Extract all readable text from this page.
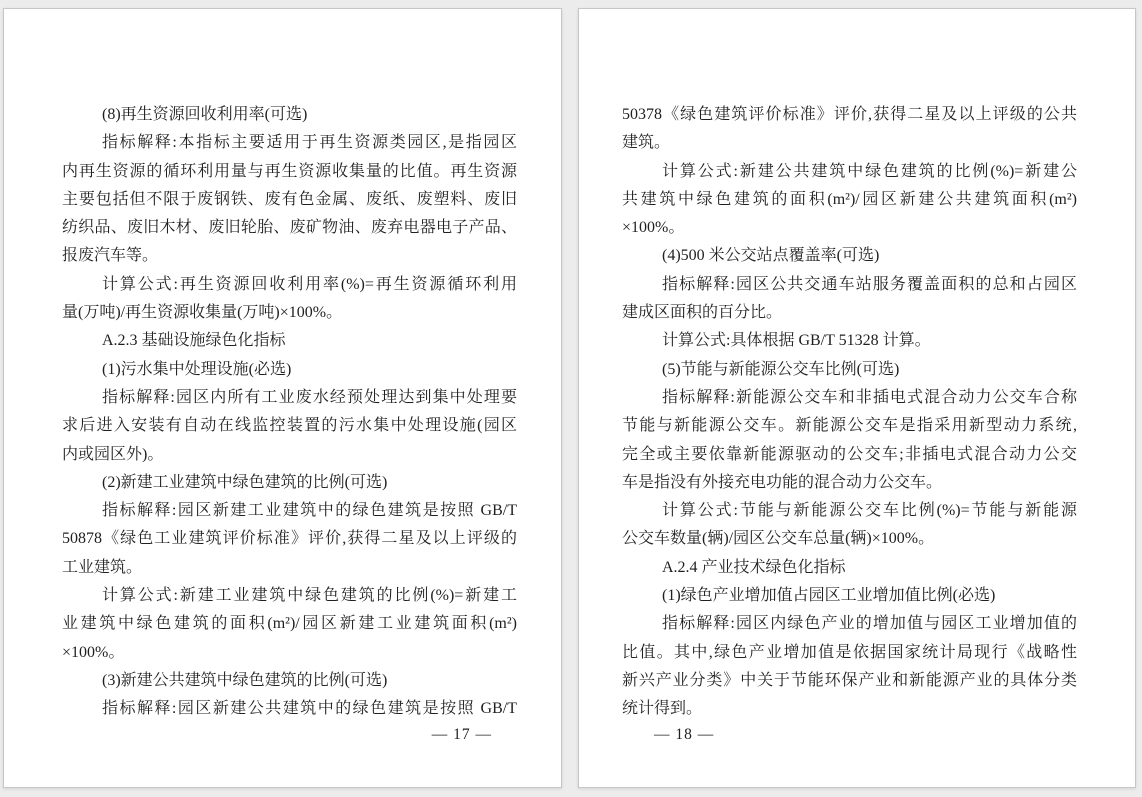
(8)再生资源回收利用率(可选)
指标解释:本指标主要适用于再生资源类园区,是指园区
内再生资源的循环利用量与再生资源收集量的比值。再生资源
主要包括但不限于废钢铁、废有色金属、废纸、废塑料、废旧
纺织品、废旧木材、废旧轮胎、废矿物油、废弃电器电子产品、
报废汽车等。
计算公式:再生资源回收利用率(%)=再生资源循环利用
量(万吨)/再生资源收集量(万吨)×100%。
A.2.3 基础设施绿色化指标
(1)污水集中处理设施(必选)
指标解释:园区内所有工业废水经预处理达到集中处理要
求后进入安装有自动在线监控装置的污水集中处理设施(园区
内或园区外)。
(2)新建工业建筑中绿色建筑的比例(可选)
指标解释:园区新建工业建筑中的绿色建筑是按照 GB/T
50878《绿色工业建筑评价标准》评价,获得二星及以上评级的
工业建筑。
计算公式:新建工业建筑中绿色建筑的比例(%)=新建工
业建筑中绿色建筑的面积(m²)/园区新建工业建筑面积(m²)
×100%。
(3)新建公共建筑中绿色建筑的比例(可选)
指标解释:园区新建公共建筑中的绿色建筑是按照 GB/T
— 17 —
50378《绿色建筑评价标准》评价,获得二星及以上评级的公共
建筑。
计算公式:新建公共建筑中绿色建筑的比例(%)=新建公
共建筑中绿色建筑的面积(m²)/园区新建公共建筑面积(m²)
×100%。
(4)500 米公交站点覆盖率(可选)
指标解释:园区公共交通车站服务覆盖面积的总和占园区
建成区面积的百分比。
计算公式:具体根据 GB/T 51328 计算。
(5)节能与新能源公交车比例(可选)
指标解释:新能源公交车和非插电式混合动力公交车合称
节能与新能源公交车。新能源公交车是指采用新型动力系统,
完全或主要依靠新能源驱动的公交车;非插电式混合动力公交
车是指没有外接充电功能的混合动力公交车。
计算公式:节能与新能源公交车比例(%)=节能与新能源
公交车数量(辆)/园区公交车总量(辆)×100%。
A.2.4 产业技术绿色化指标
(1)绿色产业增加值占园区工业增加值比例(必选)
指标解释:园区内绿色产业的增加值与园区工业增加值的
比值。其中,绿色产业增加值是依据国家统计局现行《战略性
新兴产业分类》中关于节能环保产业和新能源产业的具体分类
统计得到。
— 18 —
